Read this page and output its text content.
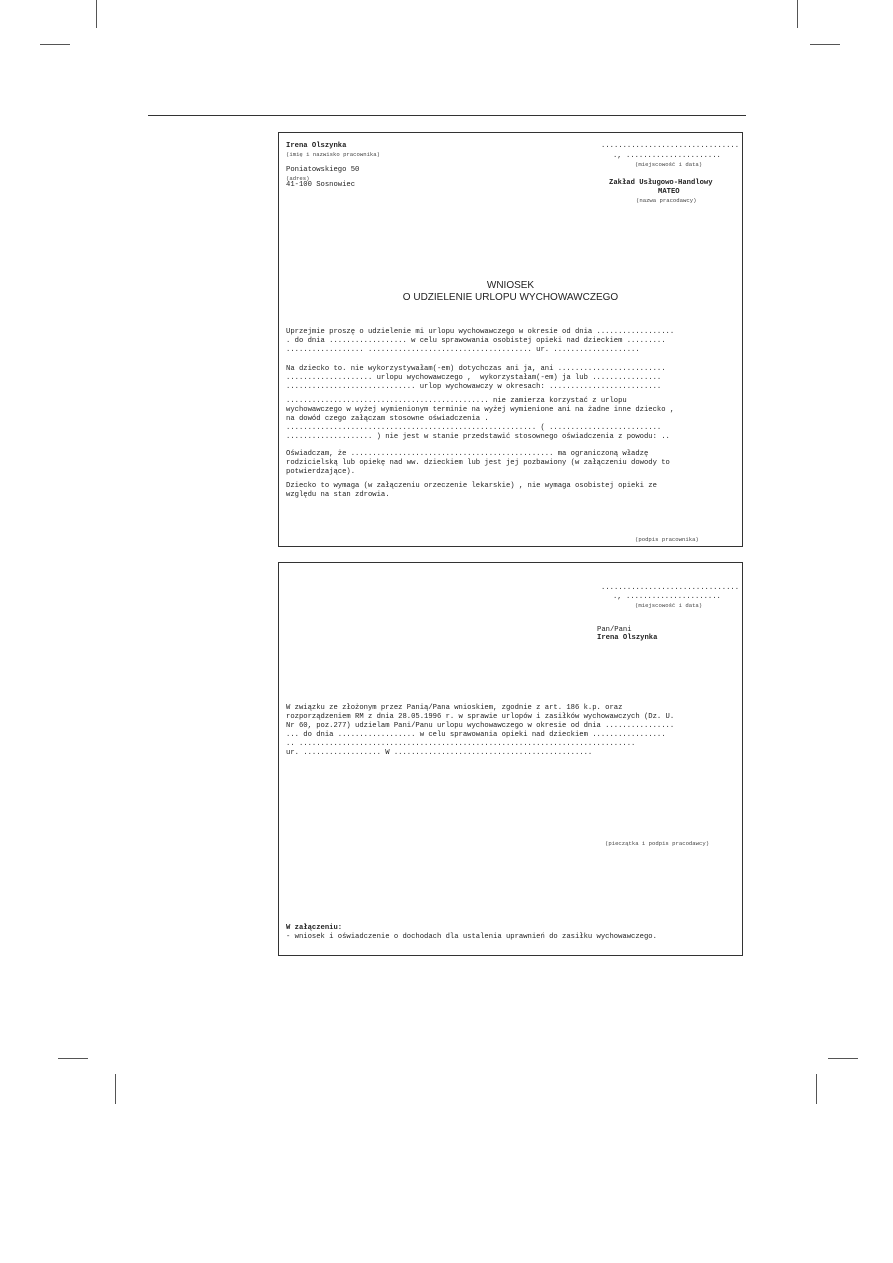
Irena Olszynka
(imię i nazwisko pracownika)
Poniatowskiego 50
(adres)
41-100 Sosnowiec
................................
., ......................
(miejscowość i data)
Zakład Usługowo-Handlowy
MATEO
(nazwa pracodawcy)
WNIOSEK
O UDZIELENIE URLOPU WYCHOWAWCZEGO
Uprzejmie proszę o udzielenie mi urlopu wychowawczego w okresie od dnia ..................
. do dnia .................. w celu sprawowania osobistej opieki nad dzieckiem .........
.................. ...................................... ur. ....................
Na dziecko to. nie wykorzystywałam(-em) dotychczas ani ja, ani .........................
.................... urlopu wychowawczego ,  wykorzystałam(-em) ja lub ................
.............................. urlop wychowawczy w okresach: ..........................
............................................... nie zamierza korzystać z urlopu
wychowawczego w wyżej wymienionym terminie na wyżej wymienione ani na żadne inne dziecko ,
na dowód czego załączam stosowne oświadczenia .
.......................................................... ( ..........................
.................... ) nie jest w stanie przedstawić stosownego oświadczenia z powodu: ..
Oświadczam, że ............................................... ma ograniczoną władzę
rodzicielską lub opiekę nad ww. dzieckiem lub jest jej pozbawiony (w załączeniu dowody to
potwierdzające).
Dziecko to wymaga (w załączeniu orzeczenie lekarskie) , nie wymaga osobistej opieki ze
względu na stan zdrowia.
(podpis pracownika)
................................
., ......................
(miejscowość i data)
Pan/Pani
Irena Olszynka
W związku ze złożonym przez Panią/Pana wnioskiem, zgodnie z art. 186 k.p. oraz
rozporządzeniem RM z dnia 28.05.1996 r. w sprawie urlopów i zasiłków wychowawczych (Dz. U.
Nr 60, poz.277) udzielam Pani/Panu urlopu wychowawczego w okresie od dnia ................
... do dnia .................. w celu sprawowania opieki nad dzieckiem .................
.. ..............................................................................
ur. .................. W ..............................................
(pieczątka i podpis pracodawcy)
W załączeniu:
- wniosek i oświadczenie o dochodach dla ustalenia uprawnień do zasiłku wychowawczego.
